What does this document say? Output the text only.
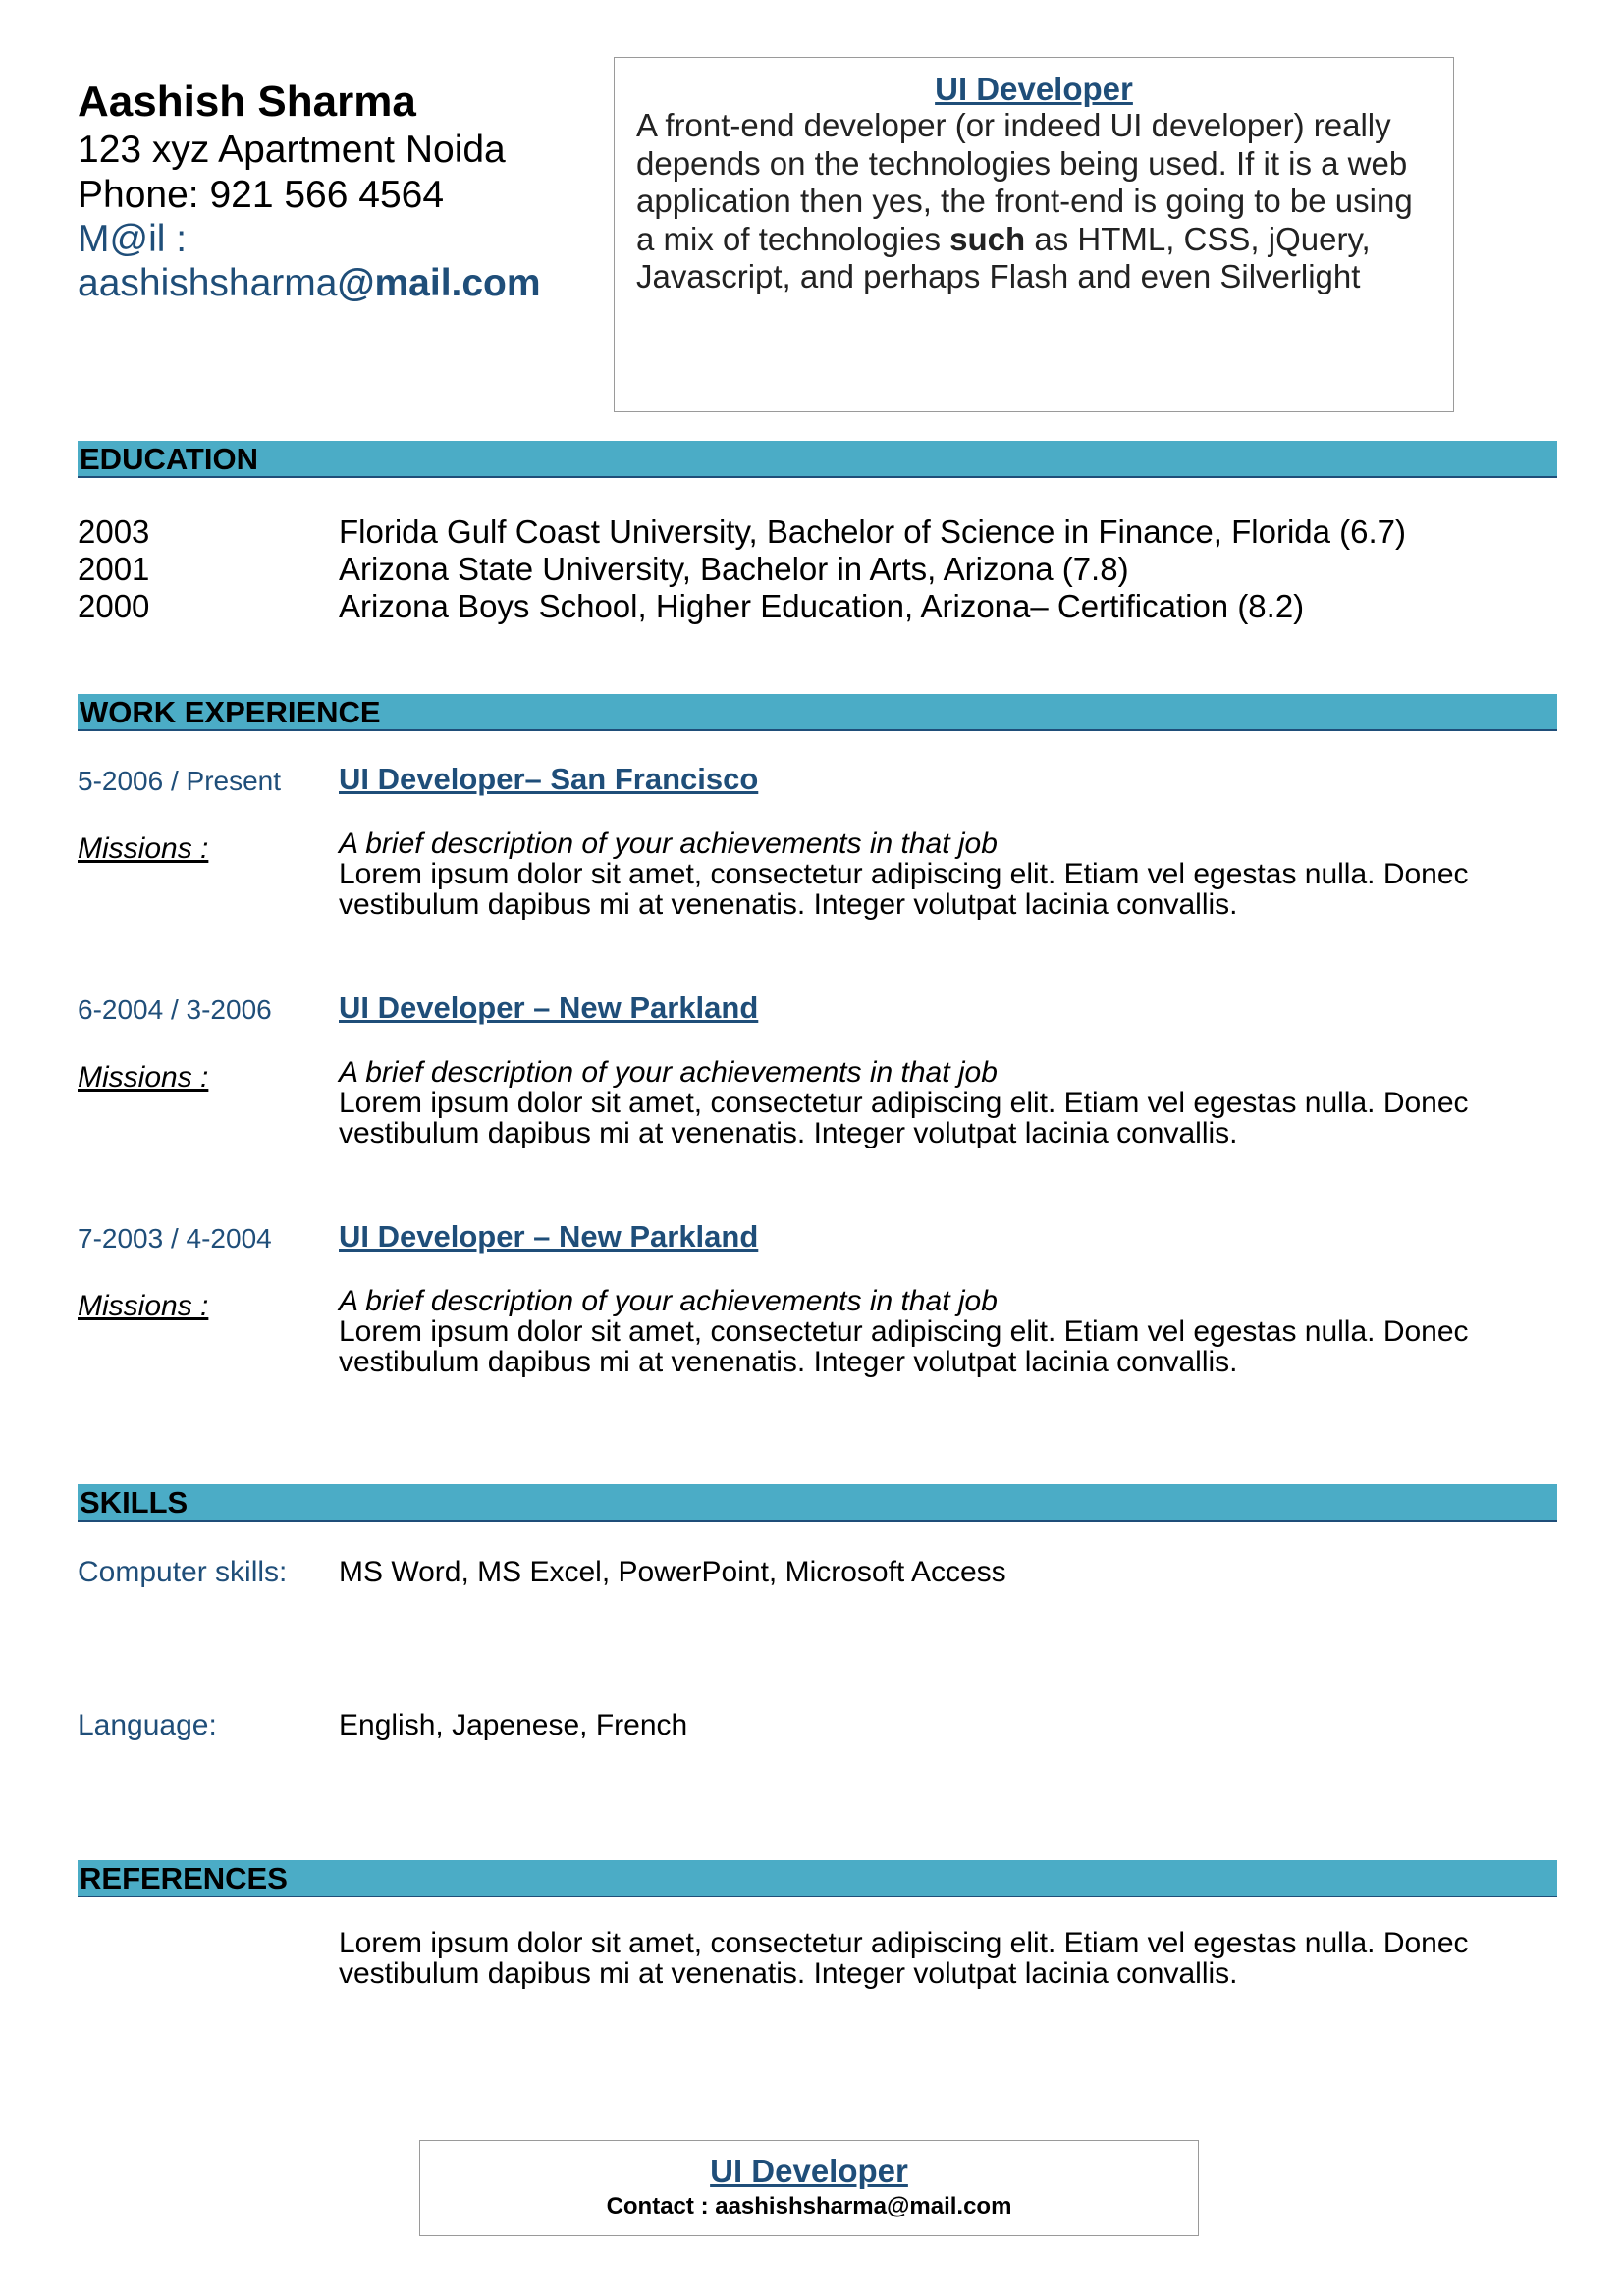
Aashish Sharma
123 xyz Apartment Noida
Phone: 921 566 4564
M@il :
aashishsharma@mail.com
UI Developer
A front-end developer (or indeed UI developer) really depends on the technologies being used. If it is a web application then yes, the front-end is going to be using a mix of technologies such as HTML, CSS, jQuery, Javascript, and perhaps Flash and even Silverlight
EDUCATION
2003	Florida Gulf Coast University, Bachelor of Science in Finance, Florida (6.7)
2001	Arizona State University, Bachelor in Arts, Arizona (7.8)
2000	Arizona Boys School, Higher Education, Arizona– Certification (8.2)
WORK EXPERIENCE
5-2006 / Present UI Developer– San Francisco
Missions :	A brief description of your achievements in that job
Lorem ipsum dolor sit amet, consectetur adipiscing elit. Etiam vel egestas nulla. Donec vestibulum dapibus mi at venenatis. Integer volutpat lacinia convallis.
6-2004 / 3-2006 UI Developer – New Parkland
Missions :	A brief description of your achievements in that job
Lorem ipsum dolor sit amet, consectetur adipiscing elit. Etiam vel egestas nulla. Donec vestibulum dapibus mi at venenatis. Integer volutpat lacinia convallis.
7-2003 / 4-2004 UI Developer – New Parkland
Missions :	A brief description of your achievements in that job
Lorem ipsum dolor sit amet, consectetur adipiscing elit. Etiam vel egestas nulla. Donec vestibulum dapibus mi at venenatis. Integer volutpat lacinia convallis.
SKILLS
Computer skills: MS Word, MS Excel, PowerPoint, Microsoft Access
Language:	English, Japenese, French
REFERENCES
Lorem ipsum dolor sit amet, consectetur adipiscing elit. Etiam vel egestas nulla. Donec vestibulum dapibus mi at venenatis. Integer volutpat lacinia convallis.
UI Developer
Contact : aashishsharma@mail.com
